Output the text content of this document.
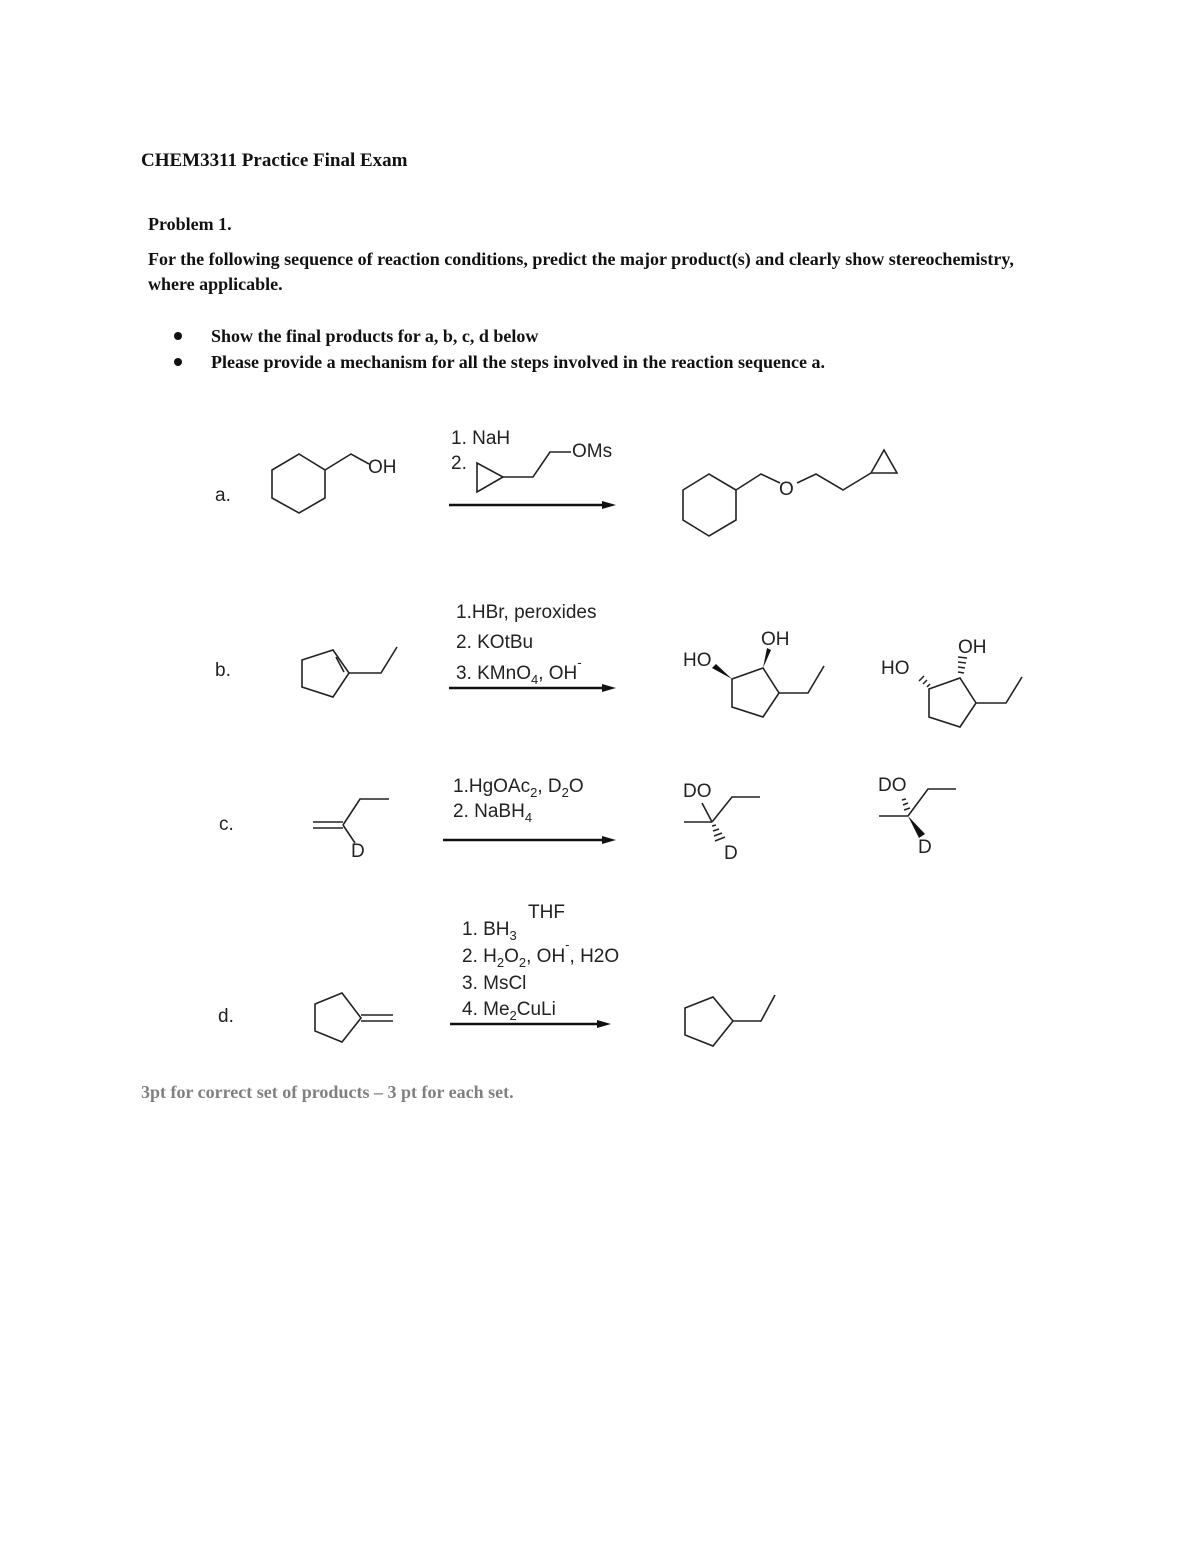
CHEM3311 Practice Final Exam
Problem 1.
For the following sequence of reaction conditions, predict the major product(s) and clearly show stereochemistry, where applicable.
Show the final products for a, b, c, d below
Please provide a mechanism for all the steps involved in the reaction sequence a.
a.
OH
1. NaH
2.
OMs
O
b.
1.HBr, peroxides
2. KOtBu
3. KMnO$_4$, OH-	HO
OH
HO
OH
c.
D
1.HgOAc$_2$, $D_2O$
2. NaBH$_4$
DO
D
DO
D
d.
THF
1. $BH_3$
2. $H_2O_2$, OH-, H2O
3. MsCl
4. $Me_2CuLi$
3pt for correct set of products – 3 pt for each set.
